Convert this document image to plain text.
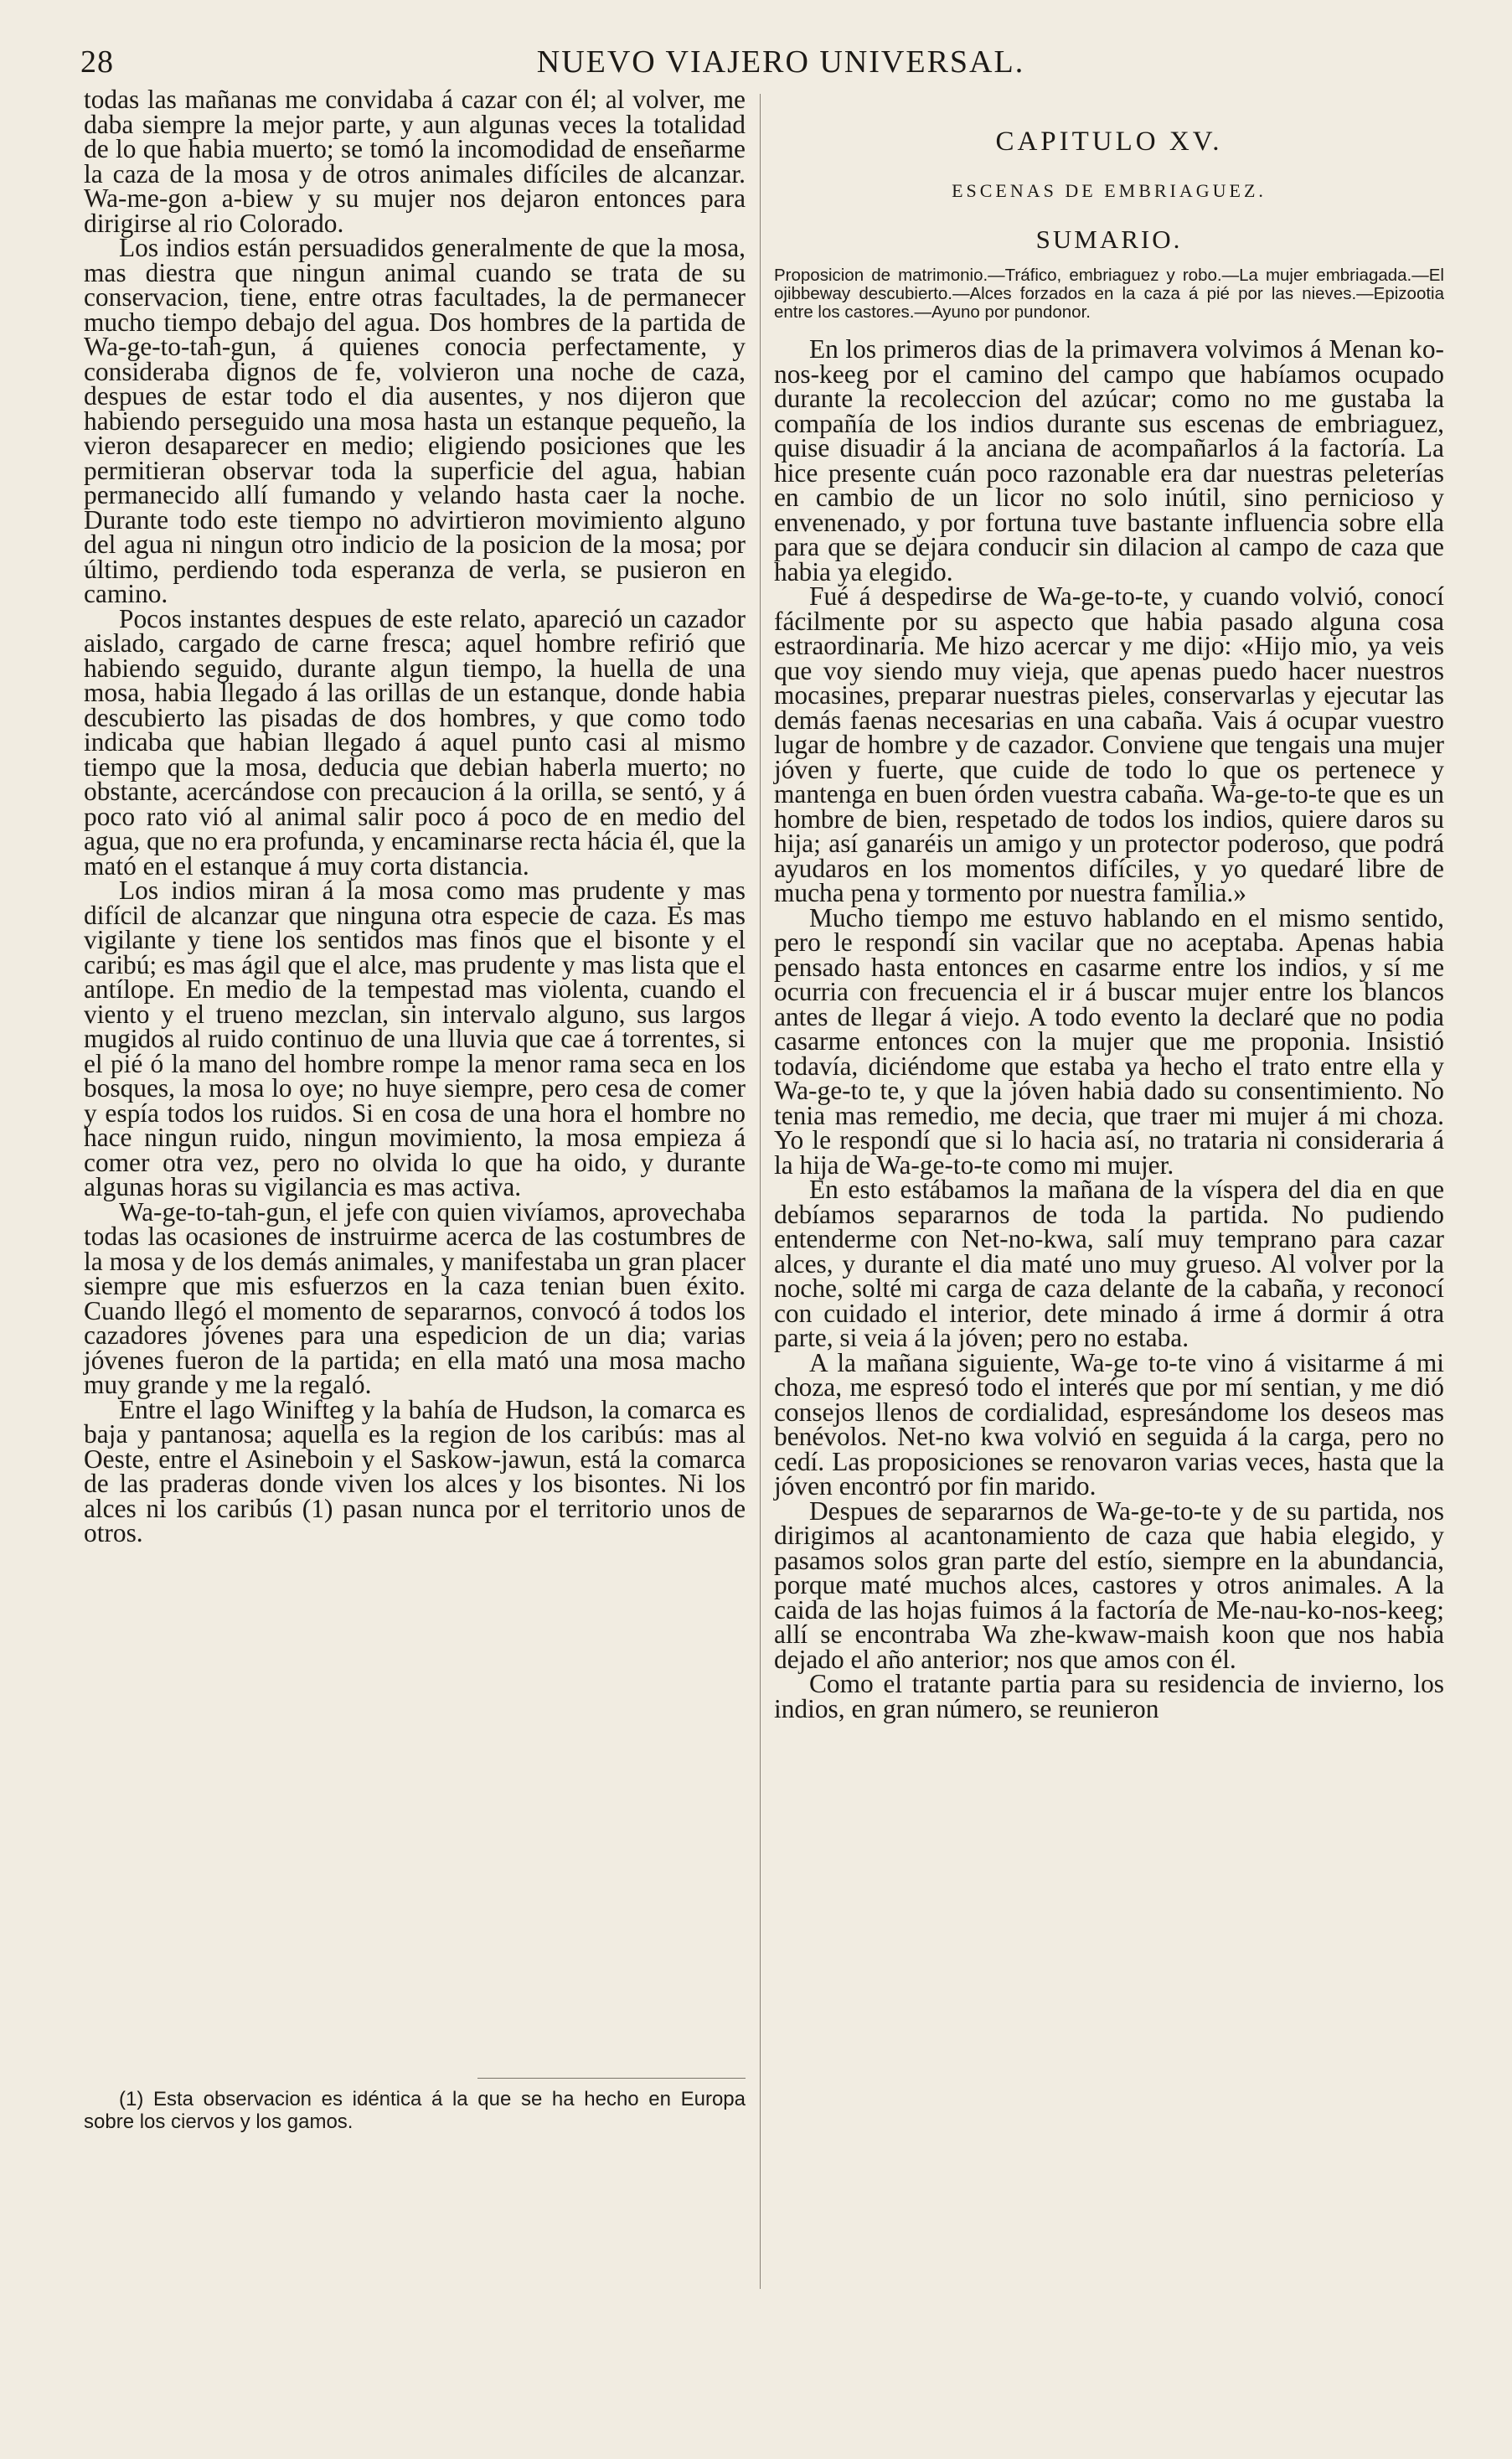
28	NUEVO VIAJERO UNIVERSAL.

todas las mañanas me convidaba á cazar con él; al volver, me daba siempre la mejor parte, y aun algunas veces la totalidad de lo que habia muerto; se tomó la incomodidad de enseñarme la caza de la mosa y de otros animales difíciles de alcanzar. Wa-me-gon a-biew y su mujer nos dejaron entonces para dirigirse al rio Colorado.

Los indios están persuadidos generalmente de que la mosa, mas diestra que ningun animal cuando se trata de su conservacion, tiene, entre otras facultades, la de permanecer mucho tiempo debajo del agua. Dos hombres de la partida de Wa-ge-to-tah-gun, á quienes conocia perfectamente, y consideraba dignos de fe, volvieron una noche de caza, despues de estar todo el dia ausentes, y nos dijeron que habiendo perseguido una mosa hasta un estanque pequeño, la vieron desaparecer en medio; eligiendo posiciones que les permitieran observar toda la superficie del agua, habian permanecido allí fumando y velando hasta caer la noche. Durante todo este tiempo no advirtieron movimiento alguno del agua ni ningun otro indicio de la posicion de la mosa; por último, perdiendo toda esperanza de verla, se pusieron en camino.

Pocos instantes despues de este relato, apareció un cazador aislado, cargado de carne fresca; aquel hombre refirió que habiendo seguido, durante algun tiempo, la huella de una mosa, habia llegado á las orillas de un estanque, donde habia descubierto las pisadas de dos hombres, y que como todo indicaba que habian llegado á aquel punto casi al mismo tiempo que la mosa, deducia que debian haberla muerto; no obstante, acercándose con precaucion á la orilla, se sentó, y á poco rato vió al animal salir poco á poco de en medio del agua, que no era profunda, y encaminarse recta hácia él, que la mató en el estanque á muy corta distancia.

Los indios miran á la mosa como mas prudente y mas difícil de alcanzar que ninguna otra especie de caza. Es mas vigilante y tiene los sentidos mas finos que el bisonte y el caribú; es mas ágil que el alce, mas prudente y mas lista que el antílope. En medio de la tempestad mas violenta, cuando el viento y el trueno mezclan, sin intervalo alguno, sus largos mugidos al ruido continuo de una lluvia que cae á torrentes, si el pié ó la mano del hombre rompe la menor rama seca en los bosques, la mosa lo oye; no huye siempre, pero cesa de comer y espía todos los ruidos. Si en cosa de una hora el hombre no hace ningun ruido, ningun movimiento, la mosa empieza á comer otra vez, pero no olvida lo que ha oido, y durante algunas horas su vigilancia es mas activa.

Wa-ge-to-tah-gun, el jefe con quien vivíamos, aprovechaba todas las ocasiones de instruirme acerca de las costumbres de la mosa y de los demás animales, y manifestaba un gran placer siempre que mis esfuerzos en la caza tenian buen éxito. Cuando llegó el momento de separarnos, convocó á todos los cazadores jóvenes para una espedicion de un dia; varias jóvenes fueron de la partida; en ella mató una mosa macho muy grande y me la regaló.

Entre el lago Winifteg y la bahía de Hudson, la comarca es baja y pantanosa; aquella es la region de los caribús: mas al Oeste, entre el Asineboin y el Saskow-jawun, está la comarca de las praderas donde viven los alces y los bisontes. Ni los alces ni los caribús (1) pasan nunca por el territorio unos de otros.

(1) Esta observacion es idéntica á la que se ha hecho en Europa sobre los ciervos y los gamos.

CAPITULO XV.
ESCENAS DE EMBRIAGUEZ.
SUMARIO.
Proposicion de matrimonio.—Tráfico, embriaguez y robo.—La mujer embriagada.—El ojibbeway descubierto.—Alces forzados en la caza á pié por las nieves.—Epizootia entre los castores.—Ayuno por pundonor.

En los primeros dias de la primavera volvimos á Menan ko-nos-keeg por el camino del campo que habíamos ocupado durante la recoleccion del azúcar; como no me gustaba la compañía de los indios durante sus escenas de embriaguez, quise disuadir á la anciana de acompañarlos á la factoría. La hice presente cuán poco razonable era dar nuestras peleterías en cambio de un licor no solo inútil, sino pernicioso y envenenado, y por fortuna tuve bastante influencia sobre ella para que se dejara conducir sin dilacion al campo de caza que habia ya elegido.

Fué á despedirse de Wa-ge-to-te, y cuando volvió, conocí fácilmente por su aspecto que habia pasado alguna cosa estraordinaria. Me hizo acercar y me dijo: «Hijo mio, ya veis que voy siendo muy vieja, que apenas puedo hacer nuestros mocasines, preparar nuestras pieles, conservarlas y ejecutar las demás faenas necesarias en una cabaña. Vais á ocupar vuestro lugar de hombre y de cazador. Conviene que tengais una mujer jóven y fuerte, que cuide de todo lo que os pertenece y mantenga en buen órden vuestra cabaña. Wa-ge-to-te que es un hombre de bien, respetado de todos los indios, quiere daros su hija; así ganaréis un amigo y un protector poderoso, que podrá ayudaros en los momentos difíciles, y yo quedaré libre de mucha pena y tormento por nuestra familia.»

Mucho tiempo me estuvo hablando en el mismo sentido, pero le respondí sin vacilar que no aceptaba. Apenas habia pensado hasta entonces en casarme entre los indios, y sí me ocurria con frecuencia el ir á buscar mujer entre los blancos antes de llegar á viejo. A todo evento la declaré que no podia casarme entonces con la mujer que me proponia. Insistió todavía, diciéndome que estaba ya hecho el trato entre ella y Wa-ge-to te, y que la jóven habia dado su consentimiento. No tenia mas remedio, me decia, que traer mi mujer á mi choza. Yo le respondí que si lo hacia así, no trataria ni consideraria á la hija de Wa-ge-to-te como mi mujer.

En esto estábamos la mañana de la víspera del dia en que debíamos separarnos de toda la partida. No pudiendo entenderme con Net-no-kwa, salí muy temprano para cazar alces, y durante el dia maté uno muy grueso. Al volver por la noche, solté mi carga de caza delante de la cabaña, y reconocí con cuidado el interior, dete minado á irme á dormir á otra parte, si veia á la jóven; pero no estaba.

A la mañana siguiente, Wa-ge to-te vino á visitarme á mi choza, me espresó todo el interés que por mí sentian, y me dió consejos llenos de cordialidad, espresándome los deseos mas benévolos. Net-no kwa volvió en seguida á la carga, pero no cedí. Las proposiciones se renovaron varias veces, hasta que la jóven encontró por fin marido.

Despues de separarnos de Wa-ge-to-te y de su partida, nos dirigimos al acantonamiento de caza que habia elegido, y pasamos solos gran parte del estío, siempre en la abundancia, porque maté muchos alces, castores y otros animales. A la caida de las hojas fuimos á la factoría de Me-nau-ko-nos-keeg; allí se encontraba Wa zhe-kwaw-maish koon que nos habia dejado el año anterior; nos que amos con él.

Como el tratante partia para su residencia de invierno, los indios, en gran número, se reunieron
